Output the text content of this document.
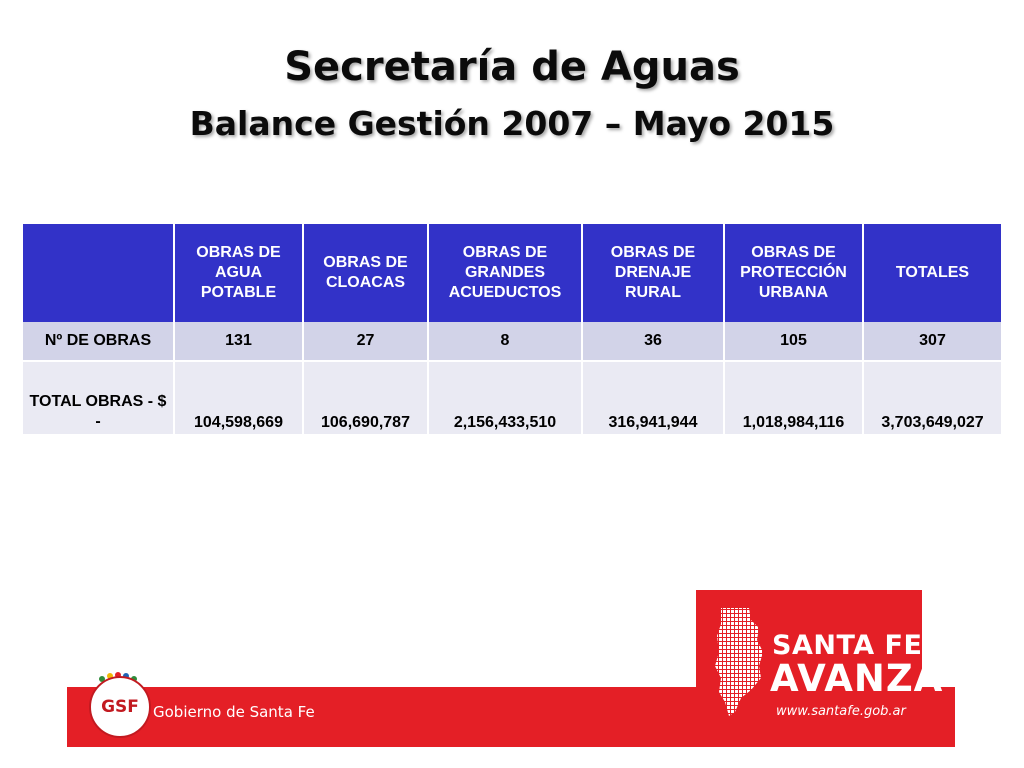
Secretaría de Aguas
Balance Gestión 2007 – Mayo 2015
	OBRAS DE AGUA POTABLE	OBRAS DE CLOACAS	OBRAS DE GRANDES ACUEDUCTOS	OBRAS DE DRENAJE RURAL	OBRAS DE PROTECCIÓN URBANA	TOTALES
Nº DE OBRAS	131	27	8	36	105	307
TOTAL OBRAS - $ -	104,598,669	106,690,787	2,156,433,510	316,941,944	1,018,984,116	3,703,649,027
GSF Gobierno de Santa Fe
SANTA FE
AVANZA
www.santafe.gob.ar
